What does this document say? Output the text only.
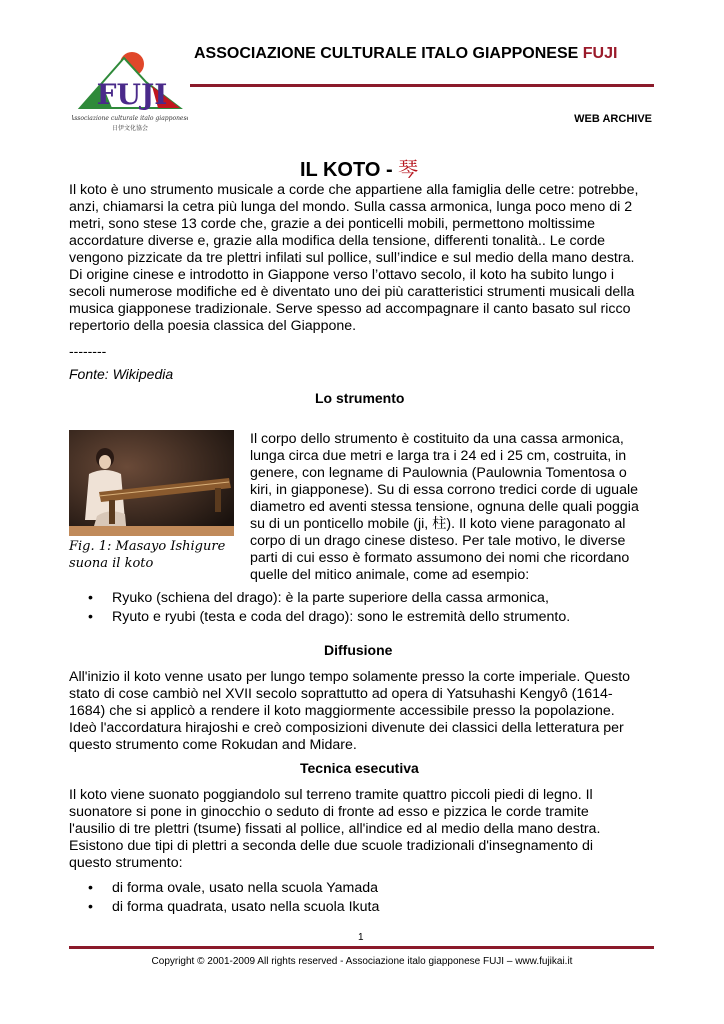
FUJI
Associazione culturale italo giapponese
日伊文化協会
ASSOCIAZIONE CULTURALE ITALO GIAPPONESE FUJI
WEB ARCHIVE
IL KOTO - 琴
Il koto è uno strumento musicale a corde che appartiene alla famiglia delle cetre: potrebbe,
anzi, chiamarsi la cetra più lunga del mondo. Sulla cassa armonica, lunga poco meno di 2
metri, sono stese 13 corde che, grazie a dei ponticelli mobili, permettono moltissime
accordature diverse e, grazie alla modifica della tensione, differenti tonalità.. Le corde
vengono pizzicate da tre plettri infilati sul pollice, sull’indice e sul medio della mano destra.
Di origine cinese e introdotto in Giappone verso l’ottavo secolo, il koto ha subito lungo i
secoli numerose modifiche ed è diventato uno dei più caratteristici strumenti musicali della
musica giapponese tradizionale. Serve spesso ad accompagnare il canto basato sul ricco
repertorio della poesia classica del Giappone.
--------
Fonte: Wikipedia
Lo strumento
Fig. 1: Masayo Ishigure
suona il koto
Il corpo dello strumento è costituito da una cassa armonica,
lunga circa due metri e larga tra i 24 ed i 25 cm, costruita, in
genere, con legname di Paulownia (Paulownia Tomentosa o
kiri, in giapponese). Su di essa corrono tredici corde di uguale
diametro ed aventi stessa tensione, ognuna delle quali poggia
su di un ponticello mobile (ji, 柱). Il koto viene paragonato al
corpo di un drago cinese disteso. Per tale motivo, le diverse
parti di cui esso è formato assumono dei nomi che ricordano
quelle del mitico animale, come ad esempio:
• Ryuko (schiena del drago): è la parte superiore della cassa armonica,
• Ryuto e ryubi (testa e coda del drago): sono le estremità dello strumento.
Diffusione
All'inizio il koto venne usato per lungo tempo solamente presso la corte imperiale. Questo
stato di cose cambiò nel XVII secolo soprattutto ad opera di Yatsuhashi Kengyô (1614-
1684) che si applicò a rendere il koto maggiormente accessibile presso la popolazione.
Ideò l'accordatura hirajoshi e creò composizioni divenute dei classici della letteratura per
questo strumento come Rokudan and Midare.
Tecnica esecutiva
Il koto viene suonato poggiandolo sul terreno tramite quattro piccoli piedi di legno. Il
suonatore si pone in ginocchio o seduto di fronte ad esso e pizzica le corde tramite
l'ausilio di tre plettri (tsume) fissati al pollice, all'indice ed al medio della mano destra.
Esistono due tipi di plettri a seconda delle due scuole tradizionali d'insegnamento di
questo strumento:
• di forma ovale, usato nella scuola Yamada
• di forma quadrata, usato nella scuola Ikuta
1
Copyright © 2001-2009 All rights reserved - Associazione italo giapponese FUJI – www.fujikai.it
